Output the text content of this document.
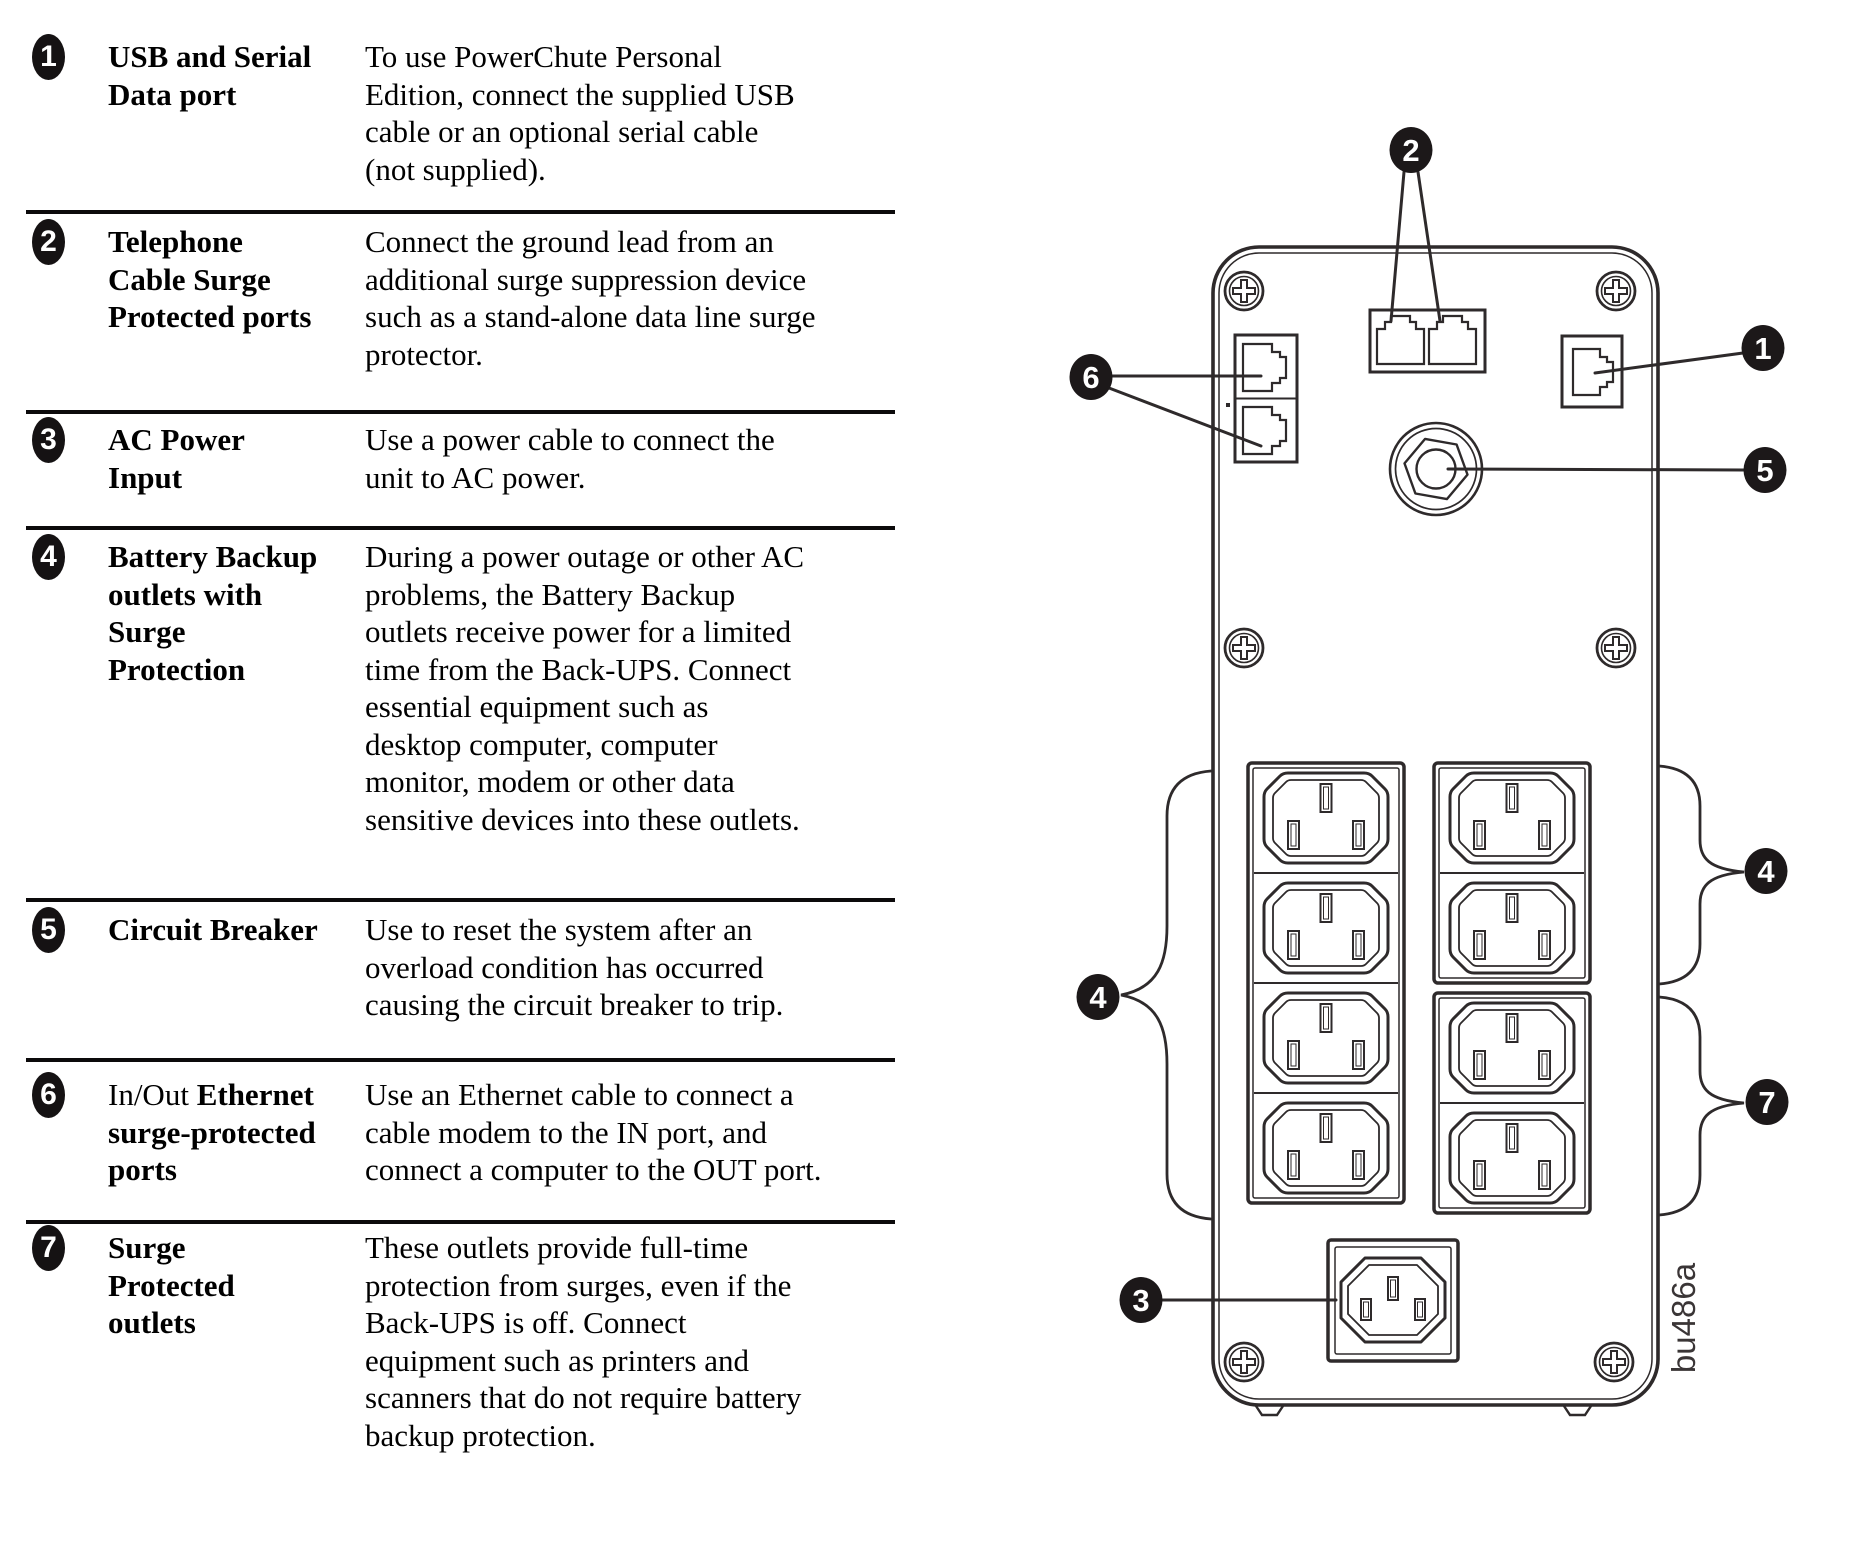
1 USB and Serial
Data port
To use PowerChute Personal
Edition, connect the supplied USB
cable or an optional serial cable
(not supplied).
2 Telephone
Cable Surge
Protected ports
Connect the ground lead from an
additional surge suppression device
such as a stand-alone data line surge
protector.
3 AC Power
Input
Use a power cable to connect the
unit to AC power.
4 Battery Backup
outlets with
Surge
Protection
During a power outage or other AC
problems, the Battery Backup
outlets receive power for a limited
time from the Back-UPS. Connect
essential equipment such as
desktop computer, computer
monitor, modem or other data
sensitive devices into these outlets.
5 Circuit Breaker	Use to reset the system after an
overload condition has occurred
causing the circuit breaker to trip.
6 In/Out Ethernet
surge-protected
ports
Use an Ethernet cable to connect a
cable modem to the IN port, and
connect a computer to the OUT port.
7 Surge
Protected
outlets
These outlets provide full-time
protection from surges, even if the
Back-UPS is off. Connect
equipment such as printers and
scanners that do not require battery
backup protection.
1
2
3
4
4
5
6
7
bu486a
